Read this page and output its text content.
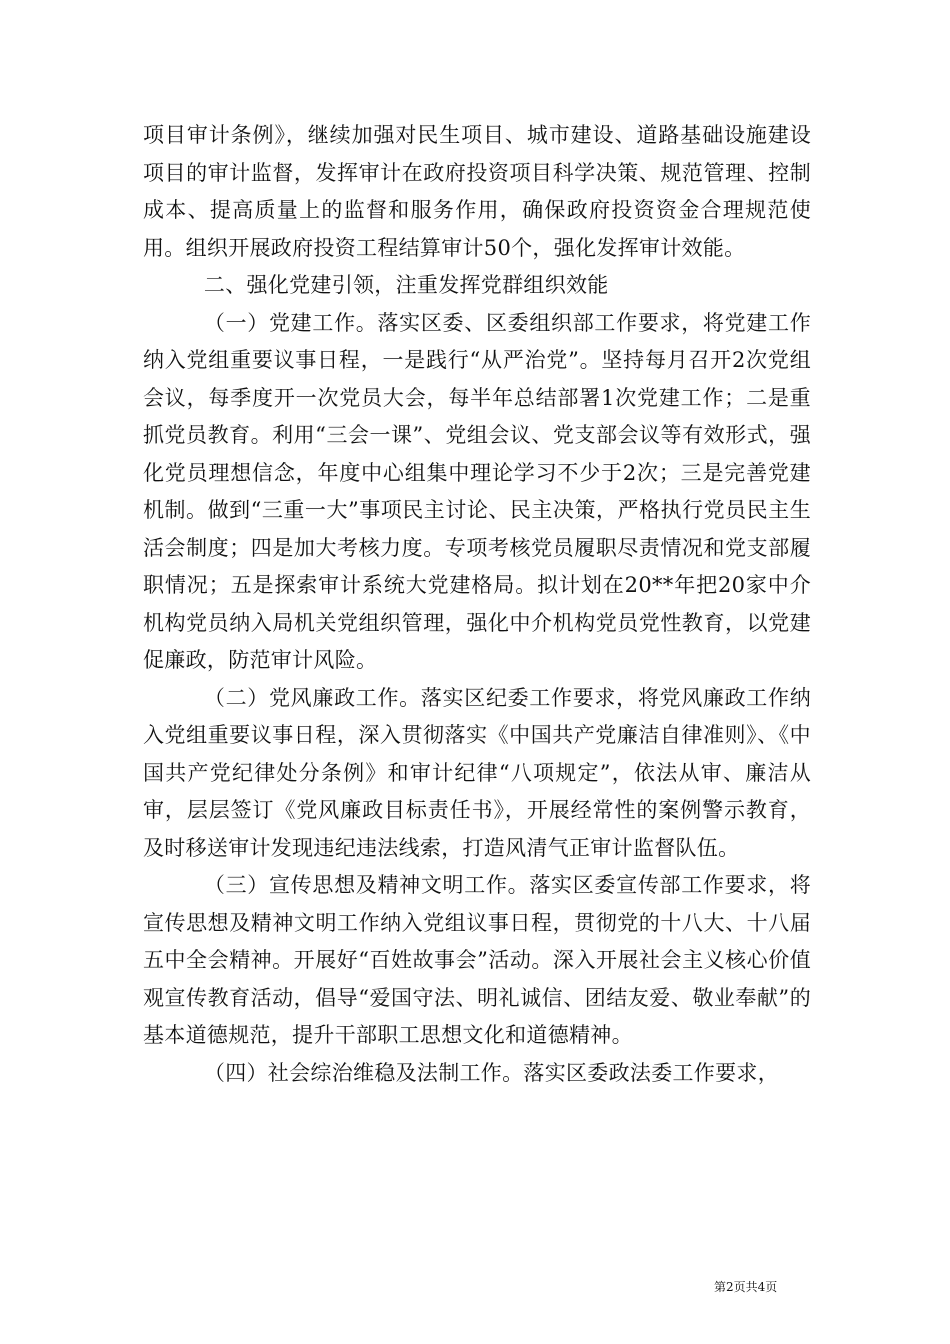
项目审计条例》，继续加强对民生项目、城市建设、道路基础设施建设项目的审计监督，发挥审计在政府投资项目科学决策、规范管理、控制成本、提高质量上的监督和服务作用，确保政府投资资金合理规范使用。组织开展政府投资工程结算审计50个，强化发挥审计效能。

二、强化党建引领，注重发挥党群组织效能

（一）党建工作。落实区委、区委组织部工作要求，将党建工作纳入党组重要议事日程，一是践行“从严治党”。坚持每月召开2次党组会议，每季度开一次党员大会，每半年总结部署1次党建工作；二是重抓党员教育。利用“三会一课”、党组会议、党支部会议等有效形式，强化党员理想信念，年度中心组集中理论学习不少于2次；三是完善党建机制。做到“三重一大”事项民主讨论、民主决策，严格执行党员民主生活会制度；四是加大考核力度。专项考核党员履职尽责情况和党支部履职情况；五是探索审计系统大党建格局。拟计划在20**年把20家中介机构党员纳入局机关党组织管理，强化中介机构党员党性教育，以党建促廉政，防范审计风险。

（二）党风廉政工作。落实区纪委工作要求，将党风廉政工作纳入党组重要议事日程，深入贯彻落实《中国共产党廉洁自律准则》、《中国共产党纪律处分条例》和审计纪律“八项规定”，依法从审、廉洁从审，层层签订《党风廉政目标责任书》，开展经常性的案例警示教育，及时移送审计发现违纪违法线索，打造风清气正审计监督队伍。

（三）宣传思想及精神文明工作。落实区委宣传部工作要求，将宣传思想及精神文明工作纳入党组议事日程，贯彻党的十八大、十八届五中全会精神。开展好“百姓故事会”活动。深入开展社会主义核心价值观宣传教育活动，倡导“爱国守法、明礼诚信、团结友爱、敬业奉献”的基本道德规范，提升干部职工思想文化和道德精神。

（四）社会综治维稳及法制工作。落实区委政法委工作要求，

第2页共4页
